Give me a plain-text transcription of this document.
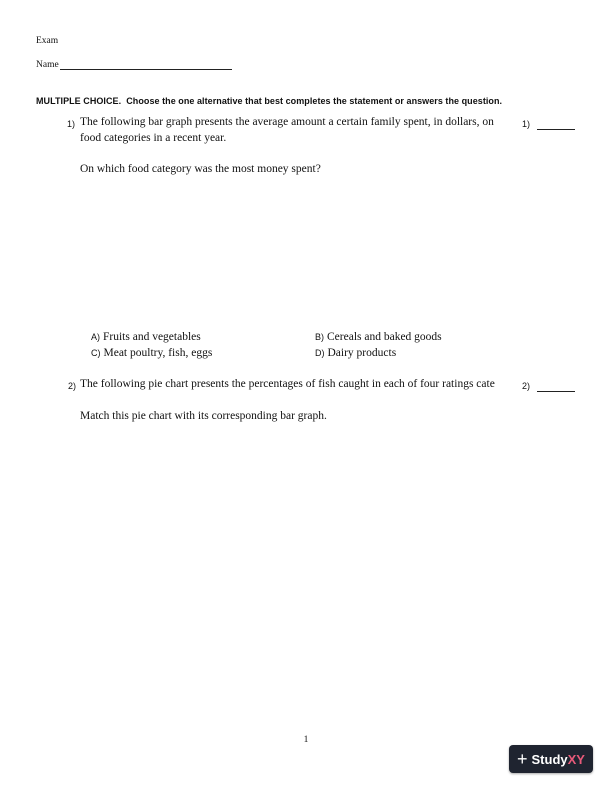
Exam
Name
MULTIPLE CHOICE. Choose the one alternative that best completes the statement or answers the question.
1) The following bar graph presents the average amount a certain family spent, in dollars, on
food categories in a recent year.
On which food category was the most money spent?
1)
A) Fruits and vegetables	B) Cereals and baked goods
C) Meat poultry, fish, eggs	D) Dairy products
2) The following pie chart presents the percentages of fish caught in each of four ratings cate
Match this pie chart with its corresponding bar graph.
2)
1
+ Study XY
